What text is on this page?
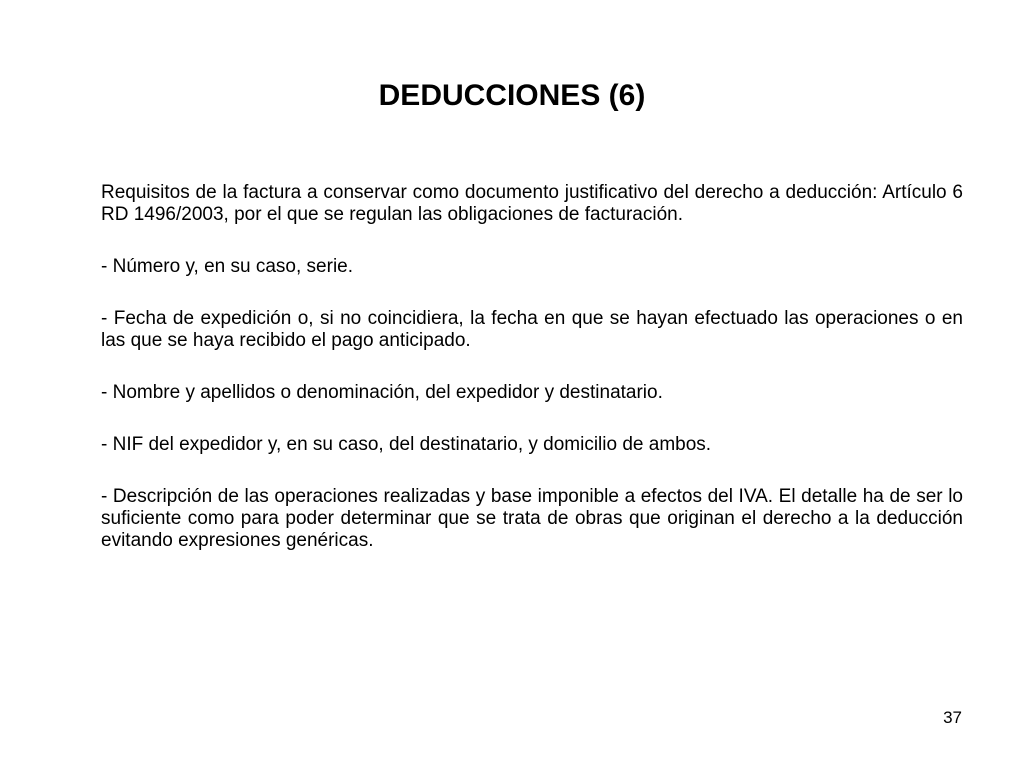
DEDUCCIONES (6)

Requisitos de la factura a conservar como documento justificativo del derecho a deducción: Artículo 6 RD 1496/2003, por el que se regulan las obligaciones de facturación.

- Número y, en su caso, serie.

- Fecha de expedición o, si no coincidiera, la fecha en que se hayan efectuado las operaciones o en las que se haya recibido el pago anticipado.

- Nombre y apellidos o denominación, del expedidor y destinatario.

- NIF del expedidor y, en su caso, del destinatario, y domicilio de ambos.

- Descripción de las operaciones realizadas y base imponible a efectos del IVA. El detalle ha de ser lo suficiente como para poder determinar que se trata de obras que originan el derecho a la deducción evitando expresiones genéricas.

37
